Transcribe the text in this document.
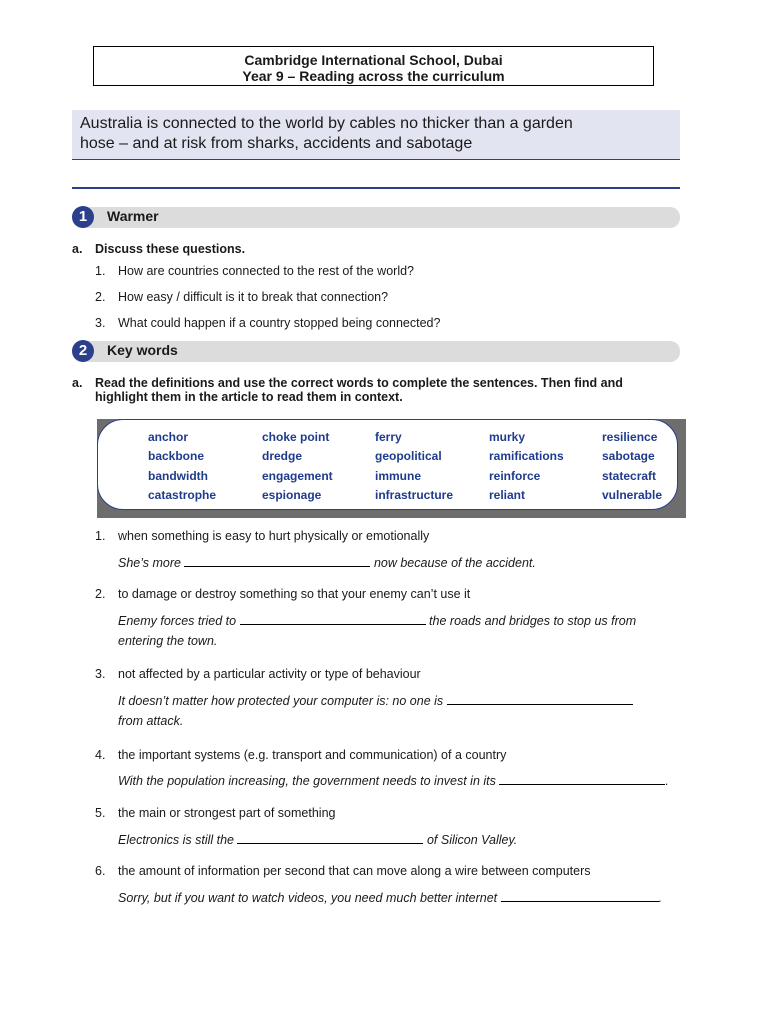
Cambridge International School, Dubai
Year 9 – Reading across the curriculum
Australia is connected to the world by cables no thicker than a garden
hose – and at risk from sharks, accidents and sabotage
1	Warmer
a. Discuss these questions.
1. How are countries connected to the rest of the world?
2. How easy / difficult is it to break that connection?
3. What could happen if a country stopped being connected?
2	Key words
a. Read the definitions and use the correct words to complete the sentences. Then find and highlight them in the article to read them in context.
anchor	choke point	ferry	murky	resilience
backbone	dredge	geopolitical	ramifications	sabotage
bandwidth	engagement	immune	reinforce	statecraft
catastrophe	espionage	infrastructure	reliant	vulnerable
1. when something is easy to hurt physically or emotionally
She’s more	now because of the accident.
2. to damage or destroy something so that your enemy can’t use it
Enemy forces tried to	the roads and bridges to stop us from
entering the town.
3. not affected by a particular activity or type of behaviour
It doesn’t matter how protected your computer is: no one is
from attack.
4. the important systems (e.g. transport and communication) of a country
With the population increasing, the government needs to invest in its	.
5. the main or strongest part of something
Electronics is still the	of Silicon Valley.
6. the amount of information per second that can move along a wire between computers
Sorry, but if you want to watch videos, you need much better internet	.
